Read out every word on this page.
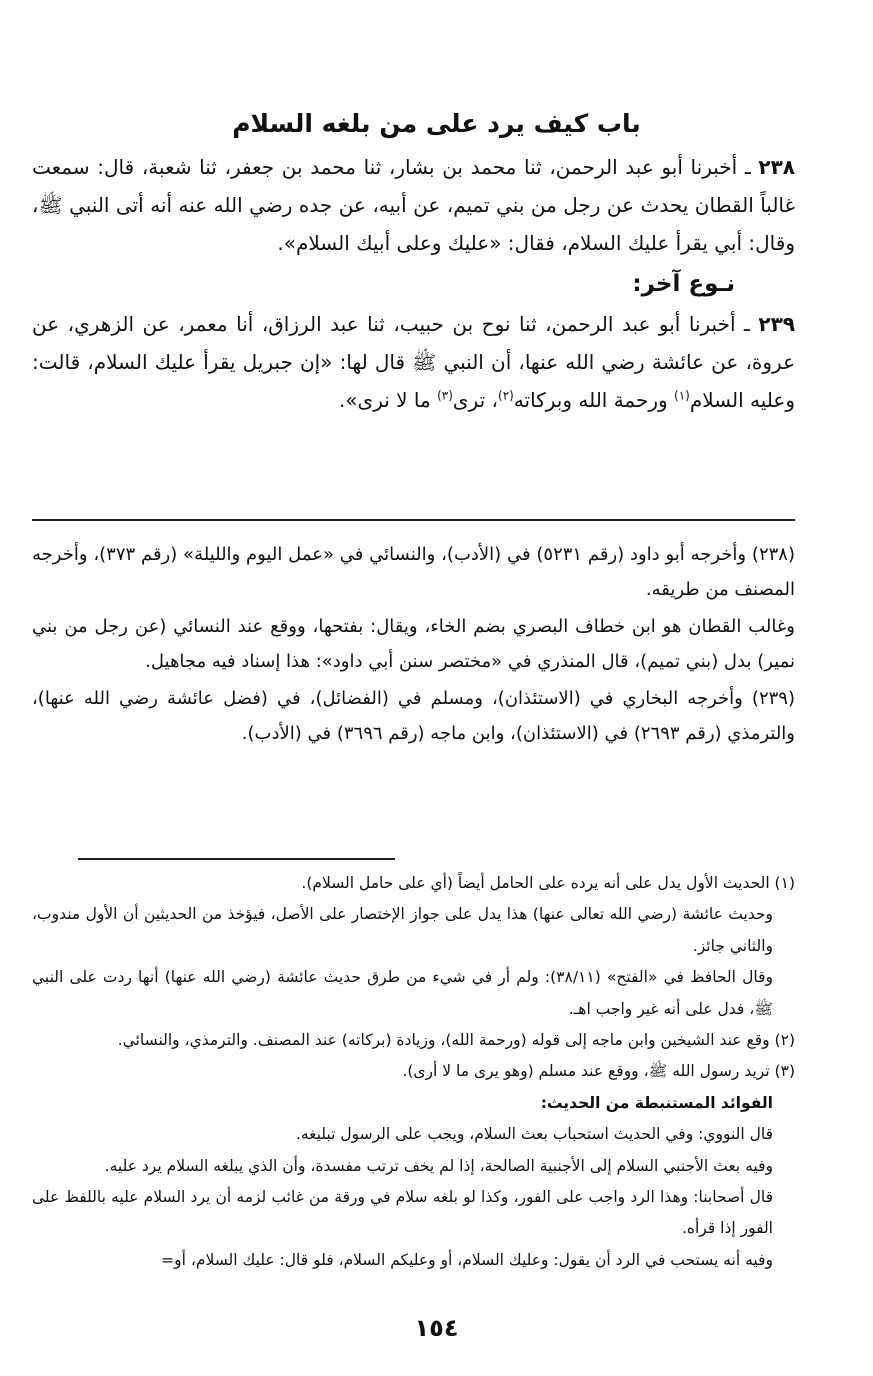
باب كيف يرد على من بلغه السلام

٢٣٨ ـ أخبرنا أبو عبد الرحمن، ثنا محمد بن بشار، ثنا محمد بن جعفر، ثنا شعبة، قال: سمعت غالباً القطان يحدث عن رجل من بني تميم، عن أبيه، عن جده رضي الله عنه أنه أتى النبي ﷺ، وقال: أبي يقرأ عليك السلام، فقال: «عليك وعلى أبيك السلام».

نـوع آخر:

٢٣٩ ـ أخبرنا أبو عبد الرحمن، ثنا نوح بن حبيب، ثنا عبد الرزاق، أنا معمر، عن الزهري، عن عروة، عن عائشة رضي الله عنها، أن النبي ﷺ قال لها: «إن جبريل يقرأ عليك السلام، قالت: وعليه السلام$^{(١)}$ ورحمة الله وبركاته$^{(٢)}$، ترى$^{(٣)}$ ما لا نرى».

(٢٣٨) وأخرجه أبو داود (رقم ٥٢٣١) في (الأدب)، والنسائي في «عمل اليوم والليلة» (رقم ٣٧٣)، وأخرجه المصنف من طريقه.

وغالب القطان هو ابن خطاف البصري بضم الخاء، ويقال: بفتحها، ووقع عند النسائي (عن رجل من بني نمير) بدل (بني تميم)، قال المنذري في «مختصر سنن أبي داود»: هذا إسناد فيه مجاهيل.

(٢٣٩) وأخرجه البخاري في (الاستئذان)، ومسلم في (الفضائل)، في (فضل عائشة رضي الله عنها)، والترمذي (رقم ٢٦٩٣) في (الاستئذان)، وابن ماجه (رقم ٣٦٩٦) في (الأدب).

(١) الحديث الأول يدل على أنه يرده على الحامل أيضاً (أي على حامل السلام).

وحديث عائشة (رضي الله تعالى عنها) هذا يدل على جواز الإختصار على الأصل، فيؤخذ من الحديثين أن الأول مندوب، والثاني جائز.

وقال الحافظ في «الفتح» (٣٨/١١): ولم أر في شيء من طرق حديث عائشة (رضي الله عنها) أنها ردت على النبي ﷺ، فدل على أنه غير واجب اهـ.

(٢) وقع عند الشيخين وابن ماجه إلى قوله (ورحمة الله)، وزيادة (بركاته) عند المصنف. والترمذي، والنسائي.

(٣) تريد رسول الله ﷺ، ووقع عند مسلم (وهو يرى ما لا أرى).

الفوائد المستنبطة من الحديث:

قال النووي: وفي الحديث استحباب بعث السلام، ويجب على الرسول تبليغه.

وفيه بعث الأجنبي السلام إلى الأجنبية الصالحة، إذا لم يخف ترتب مفسدة، وأن الذي يبلغه السلام يرد عليه.

قال أصحابنا: وهذا الرد واجب على الفور، وكذا لو بلغه سلام في ورقة من غائب لزمه أن يرد السلام عليه باللفظ على الفور إذا قرأه.

وفيه أنه يستحب في الرد أن يقول: وعليك السلام، أو وعليكم السلام، فلو قال: عليك السلام، أو=

١٥٤
